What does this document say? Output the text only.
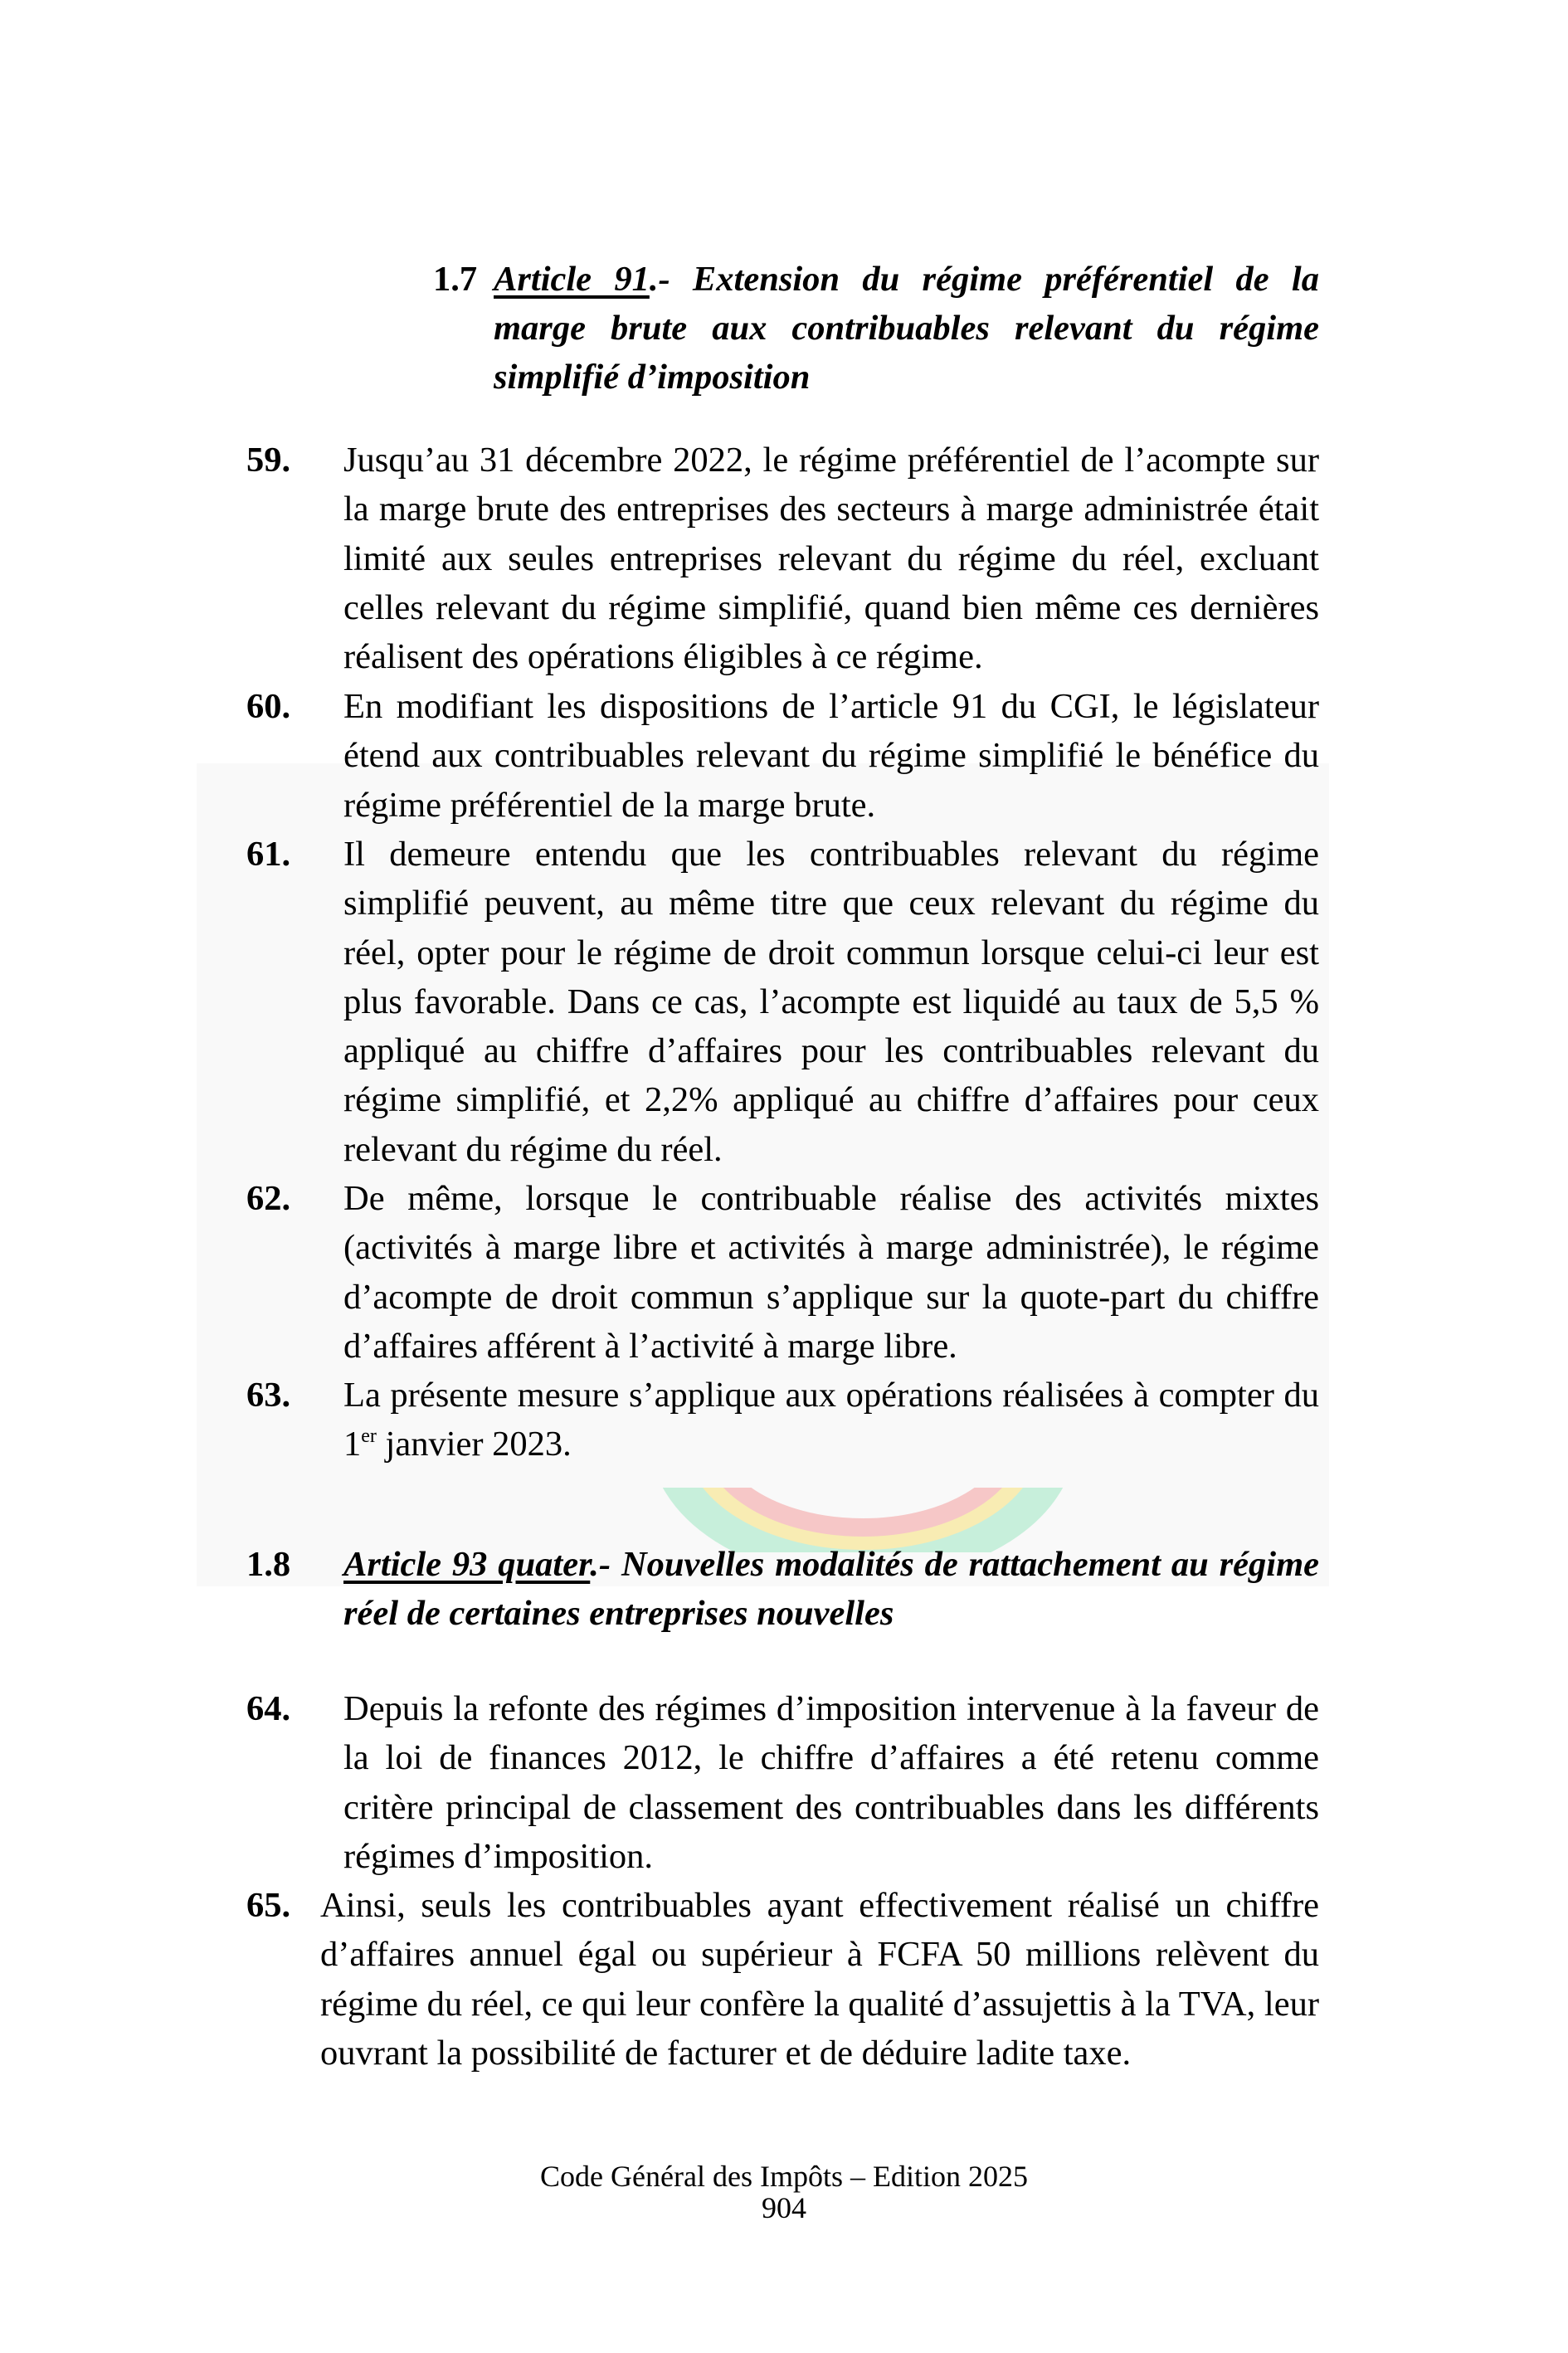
1.7 Article 91.- Extension du régime préférentiel de la marge brute aux contribuables relevant du régime simplifié d’imposition
59. Jusqu’au 31 décembre 2022, le régime préférentiel de l’acompte sur la marge brute des entreprises des secteurs à marge administrée était limité aux seules entreprises relevant du régime du réel, excluant celles relevant du régime simplifié, quand bien même ces dernières réalisent des opérations éligibles à ce régime.
60. En modifiant les dispositions de l’article 91 du CGI, le législateur étend aux contribuables relevant du régime simplifié le bénéfice du régime préférentiel de la marge brute.
61. Il demeure entendu que les contribuables relevant du régime simplifié peuvent, au même titre que ceux relevant du régime du réel, opter pour le régime de droit commun lorsque celui-ci leur est plus favorable. Dans ce cas, l’acompte est liquidé au taux de 5,5 % appliqué au chiffre d’affaires pour les contribuables relevant du régime simplifié, et 2,2% appliqué au chiffre d’affaires pour ceux relevant du régime du réel.
62. De même, lorsque le contribuable réalise des activités mixtes (activités à marge libre et activités à marge administrée), le régime d’acompte de droit commun s’applique sur la quote-part du chiffre d’affaires afférent à l’activité à marge libre.
63. La présente mesure s’applique aux opérations réalisées à compter du 1er janvier 2023.
1.8 Article 93 quater.- Nouvelles modalités de rattachement au régime réel de certaines entreprises nouvelles
64. Depuis la refonte des régimes d’imposition intervenue à la faveur de la loi de finances 2012, le chiffre d’affaires a été retenu comme critère principal de classement des contribuables dans les différents régimes d’imposition.
65. Ainsi, seuls les contribuables ayant effectivement réalisé un chiffre d’affaires annuel égal ou supérieur à FCFA 50 millions relèvent du régime du réel, ce qui leur confère la qualité d’assujettis à la TVA, leur ouvrant la possibilité de facturer et de déduire ladite taxe.
Code Général des Impôts – Edition 2025
904
